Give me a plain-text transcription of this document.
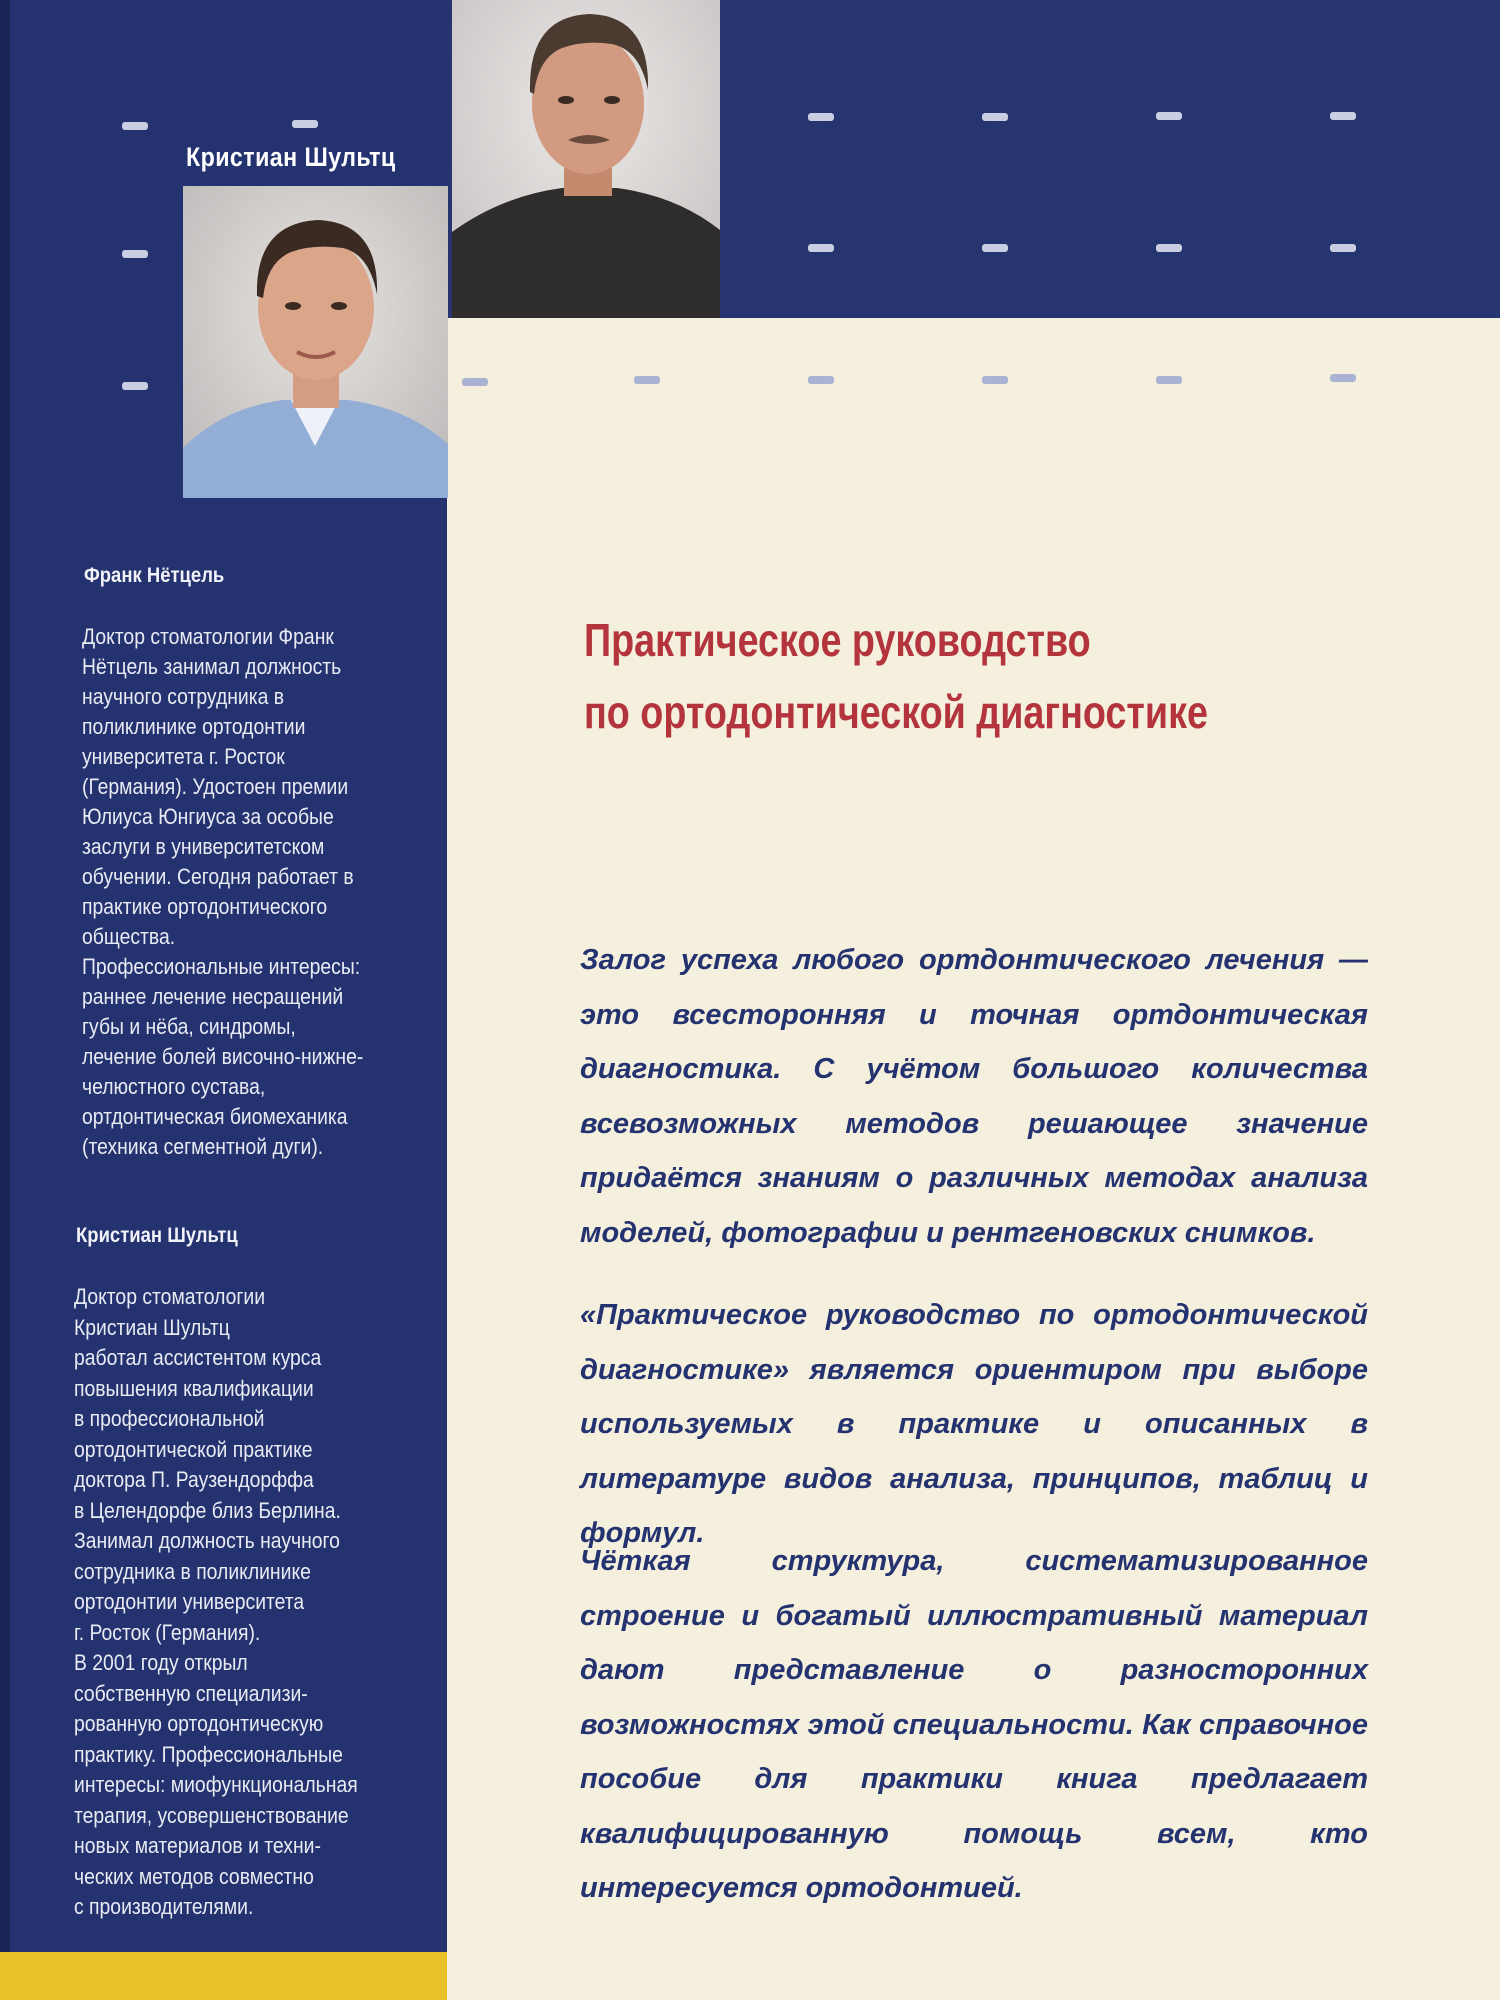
Кристиан Шультц
Франк Нётцель
Доктор стоматологии Франк
Нётцель занимал должность
научного сотрудника в
поликлинике ортодонтии
университета г. Росток
(Германия). Удостоен премии
Юлиуса Юнгиуса за особые
заслуги в университетском
обучении. Сегодня работает в
практике ортодонтического
общества.
Профессиональные интересы:
раннее лечение несращений
губы и нёба, синдромы,
лечение болей височно-нижне-
челюстного сустава,
ортдонтическая биомеханика
(техника сегментной дуги).
Кристиан Шультц
Доктор стоматологии
Кристиан Шультц
работал ассистентом курса
повышения квалификации
в профессиональной
ортодонтической практике
доктора П. Раузендорффа
в Целендорфе близ Берлина.
Занимал должность научного
сотрудника в поликлинике
ортодонтии университета
г. Росток (Германия).
В 2001 году открыл
собственную специализи-
рованную ортодонтическую
практику. Профессиональные
интересы: миофункциональная
терапия, усовершенствование
новых материалов и техни-
ческих методов совместно
с производителями.
Практическое руководство
по ортодонтической диагностике
Залог успеха любого ортдонтического лечения — это всесторонняя и точная ортдонтическая диагностика. С учётом большого количества всевозможных методов решающее значение придаётся знаниям о различных методах анализа моделей, фотографии и рентгеновских снимков.
«Практическое руководство по ортодонтической диагностике» является ориентиром при выборе используемых в практике и описанных в литературе видов анализа, принципов, таблиц и формул.
Чёткая структура, систематизированное строение и богатый иллюстративный материал дают представление о разносторонних возможностях этой специальности. Как справочное пособие для практики книга предлагает квалифицированную помощь всем, кто интересуется ортодонтией.
